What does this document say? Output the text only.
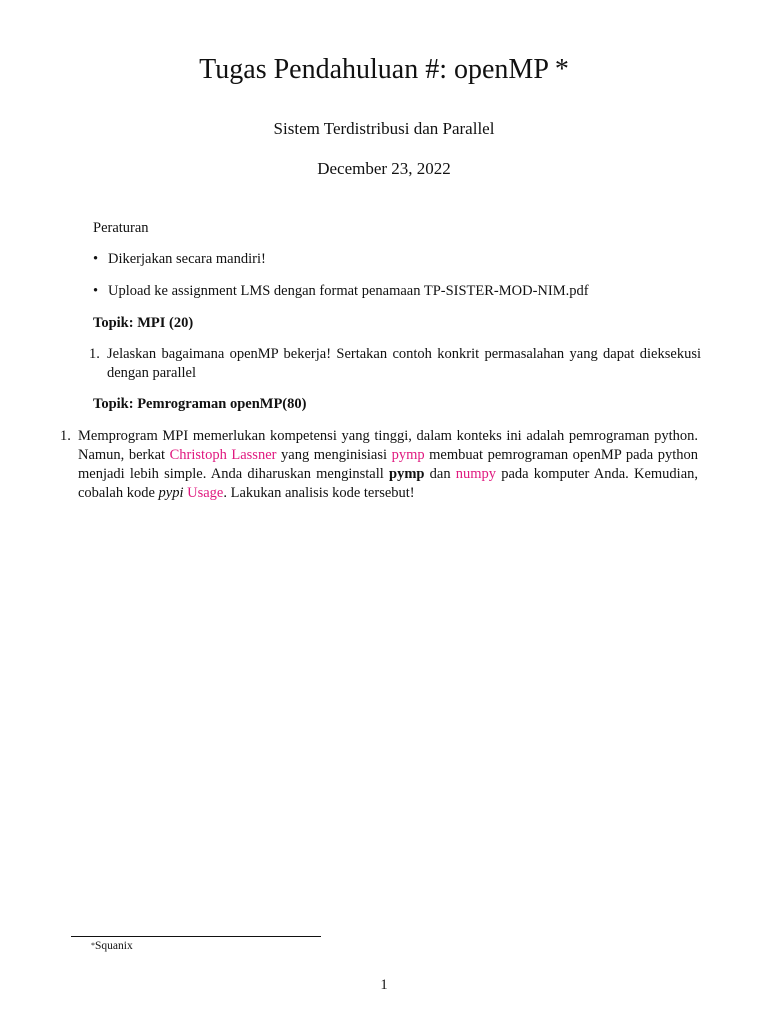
Tugas Pendahuluan #: openMP *
Sistem Terdistribusi dan Parallel
December 23, 2022
Peraturan
• Dikerjakan secara mandiri!
• Upload ke assignment LMS dengan format penamaan TP-SISTER-MOD-NIM.pdf
Topik: MPI (20)
1. Jelaskan bagaimana openMP bekerja! Sertakan contoh konkrit permasalahan yang dapat dieksekusi dengan parallel
Topik: Pemrograman openMP(80)
1. Memprogram MPI memerlukan kompetensi yang tinggi, dalam konteks ini adalah pemrograman python. Namun, berkat Christoph Lassner yang menginisiasi pymp membuat pemrograman openMP pada python menjadi lebih simple. Anda diharuskan menginstall pymp dan numpy pada komputer Anda. Kemudian, cobalah kode pypi Usage. Lakukan analisis kode tersebut!
*Squanix
1
